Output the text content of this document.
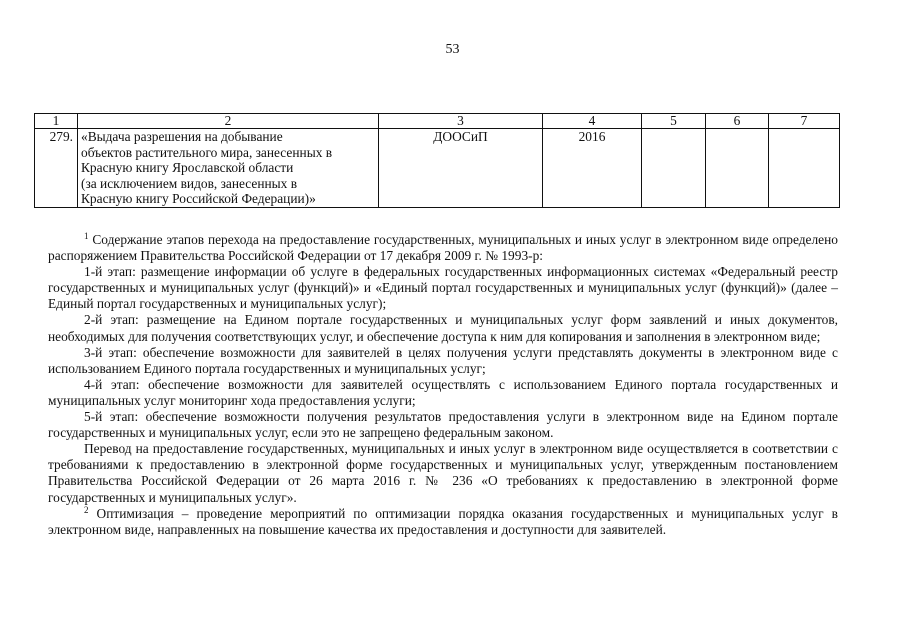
53
1	2	3	4	5	6	7
279.	«Выдача разрешения на добывание
объектов растительного мира, занесенных в
Красную книгу Ярославской области
(за исключением видов, занесенных в
Красную книгу Российской Федерации)»	ДООСиП	2016			

$^1$ Содержание этапов перехода на предоставление государственных, муниципальных и иных услуг в электронном виде определено распоряжением Правительства Российской Федерации от 17 декабря 2009 г. № 1993-р:

1-й этап: размещение информации об услуге в федеральных государственных информационных системах «Федеральный реестр государственных и муниципальных услуг (функций)» и «Единый портал государственных и муниципальных услуг (функций)» (далее – Единый портал государственных и муниципальных услуг);

2-й этап: размещение на Едином портале государственных и муниципальных услуг форм заявлений и иных документов, необходимых для получения соответствующих услуг, и обеспечение доступа к ним для копирования и заполнения в электронном виде;

3-й этап: обеспечение возможности для заявителей в целях получения услуги представлять документы в электронном виде с использованием Единого портала государственных и муниципальных услуг;

4-й этап: обеспечение возможности для заявителей осуществлять с использованием Единого портала государственных и муниципальных услуг мониторинг хода предоставления услуги;

5-й этап: обеспечение возможности получения результатов предоставления услуги в электронном виде на Едином портале государственных и муниципальных услуг, если это не запрещено федеральным законом.

Перевод на предоставление государственных, муниципальных и иных услуг в электронном виде осуществляется в соответствии с требованиями к предоставлению в электронной форме государственных и муниципальных услуг, утвержденным постановлением Правительства Российской Федерации от 26 марта 2016 г. № 236 «О требованиях к предоставлению в электронной форме государственных и муниципальных услуг».

$^2$ Оптимизация – проведение мероприятий по оптимизации порядка оказания государственных и муниципальных услуг в электронном виде, направленных на повышение качества их предоставления и доступности для заявителей.
